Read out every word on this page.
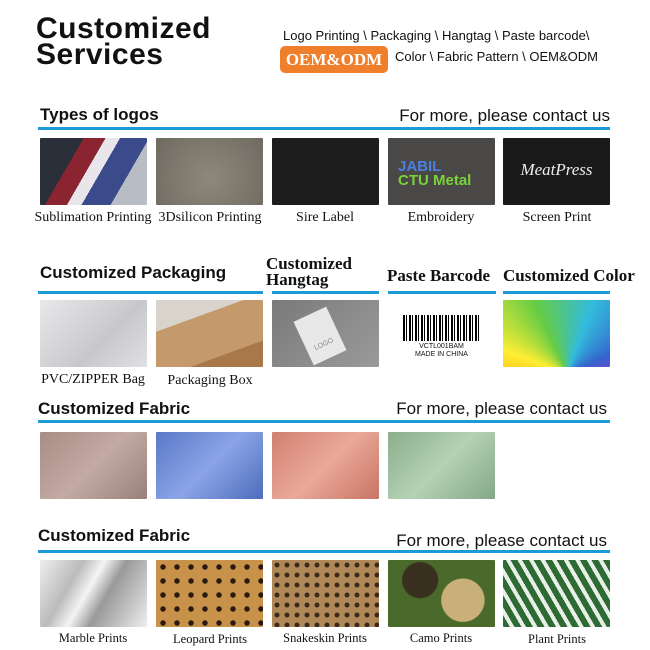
Customized
Services
Logo Printing \ Packaging \ Hangtag \ Paste barcode\
OEM&ODM Color \ Fabric Pattern \ OEM&ODM
Types of logos	For more, please contact us
JABIL
CTU Metal
MeatPress
Sublimation Printing 3Dsilicon Printing	Sire Label	Embroidery	Screen Print
Customized Packaging Customized
Hangtag	Paste Barcode Customized Color
LOGO	VCTL001BAM
MADE IN CHINA
PVC/ZIPPER Bag	Packaging Box
Customized Fabric	For more, please contact us
Customized Fabric	For more, please contact us
Marble Prints	Leopard Prints	Snakeskin Prints	Camo Prints	Plant Prints
